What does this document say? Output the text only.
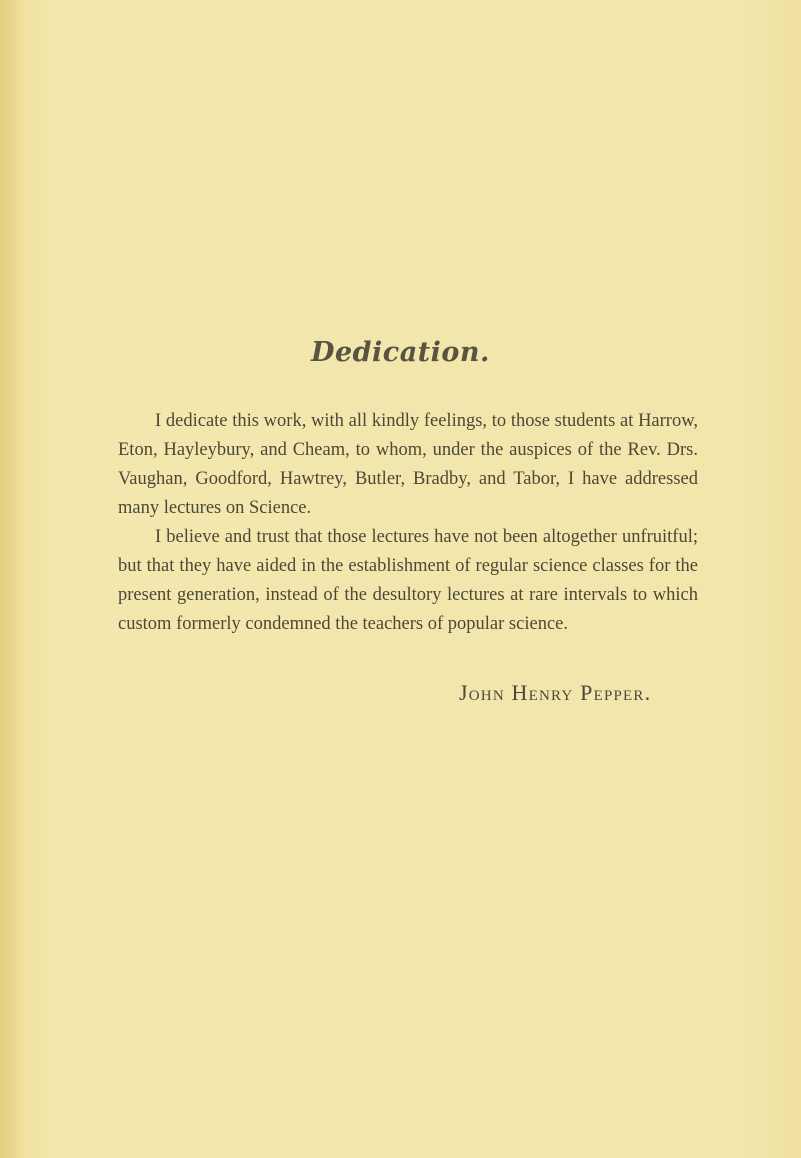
Dedication.

I dedicate this work, with all kindly feelings, to those students at Harrow, Eton, Hayleybury, and Cheam, to whom, under the auspices of the Rev. Drs. Vaughan, Goodford, Hawtrey, Butler, Bradby, and Tabor, I have addressed many lectures on Science.

I believe and trust that those lectures have not been altogether unfruitful; but that they have aided in the establishment of regular science classes for the present generation, instead of the desultory lectures at rare intervals to which custom formerly condemned the teachers of popular science.

John Henry Pepper.
